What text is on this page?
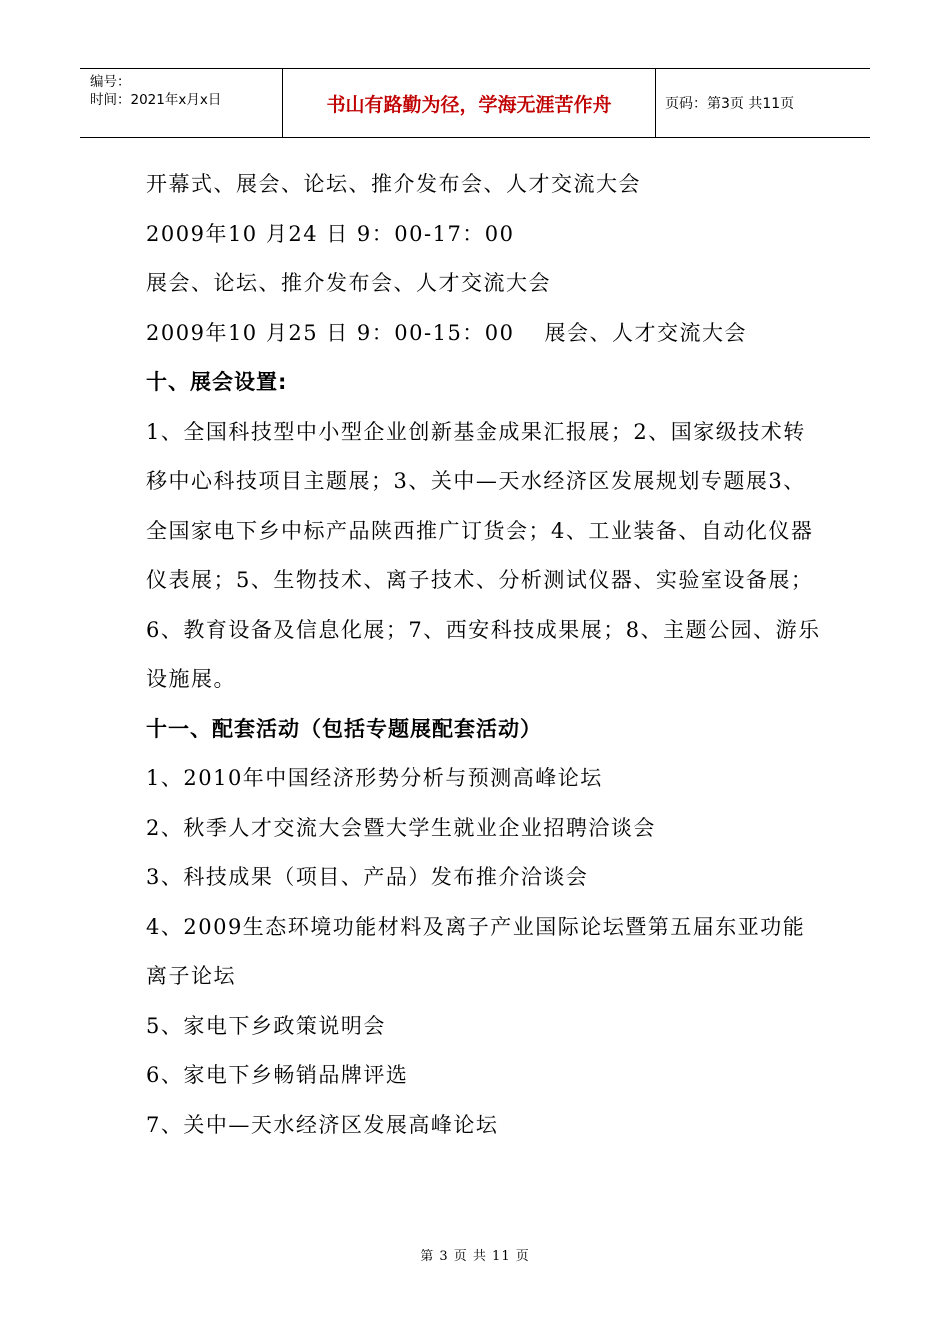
编号：
时间：2021年x月x日	书山有路勤为径，学海无涯苦作舟	页码：第3页 共11页

开幕式、展会、论坛、推介发布会、人才交流大会

2009年10 月24 日 9：00-17：00

展会、论坛、推介发布会、人才交流大会

2009年10 月25 日 9：00-15：00 展会、人才交流大会

十、展会设置:

1、全国科技型中小型企业创新基金成果汇报展；2、国家级技术转移中心科技项目主题展；3、关中—天水经济区发展规划专题展3、全国家电下乡中标产品陕西推广订货会；4、工业装备、自动化仪器仪表展；5、生物技术、离子技术、分析测试仪器、实验室设备展；6、教育设备及信息化展；7、西安科技成果展；8、主题公园、游乐设施展。

十一、配套活动（包括专题展配套活动）

1、2010年中国经济形势分析与预测高峰论坛

2、秋季人才交流大会暨大学生就业企业招聘洽谈会

3、科技成果（项目、产品）发布推介洽谈会

4、2009生态环境功能材料及离子产业国际论坛暨第五届东亚功能离子论坛

5、家电下乡政策说明会

6、家电下乡畅销品牌评选

7、关中—天水经济区发展高峰论坛

第 3 页 共 11 页
